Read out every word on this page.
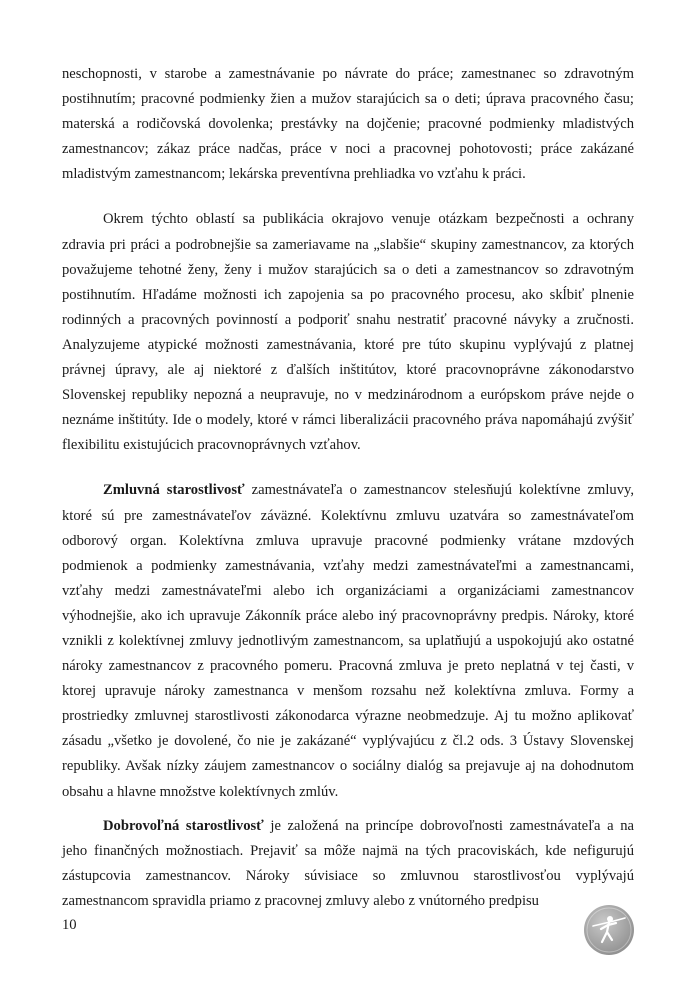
neschopnosti, v starobe a zamestnávanie po návrate do práce; zamestnanec so zdravotným postihnutím; pracovné podmienky žien a mužov starajúcich sa o deti; úprava pracovného času; materská a rodičovská dovolenka; prestávky na dojčenie; pracovné podmienky mladistvých zamestnancov; zákaz práce nadčas, práce v noci a pracovnej pohotovosti; práce zakázané mladistvým zamestnancom; lekárska preventívna prehliadka vo vzťahu k práci.

Okrem týchto oblastí sa publikácia okrajovo venuje otázkam bezpečnosti a ochrany zdravia pri práci a podrobnejšie sa zameriavame na „slabšie“ skupiny zamestnancov, za ktorých považujeme tehotné ženy, ženy i mužov starajúcich sa o deti a zamestnancov so zdravotným postihnutím. Hľadáme možnosti ich zapojenia sa po pracovného procesu, ako skĺbiť plnenie rodinných a pracovných povinností a podporiť snahu nestratiť pracovné návyky a zručnosti. Analyzujeme atypické možnosti zamestnávania, ktoré pre túto skupinu vyplývajú z platnej právnej úpravy, ale aj niektoré z ďalších inštitútov, ktoré pracovnoprávne zákonodarstvo Slovenskej republiky nepozná a neupravuje, no v medzinárodnom a európskom práve nejde o neznáme inštitúty. Ide o modely, ktoré v rámci liberalizácii pracovného práva napomáhajú zvýšiť flexibilitu existujúcich pracovnoprávnych vzťahov.

Zmluvná starostlivosť zamestnávateľa o zamestnancov stelesňujú kolektívne zmluvy, ktoré sú pre zamestnávateľov záväzné. Kolektívnu zmluvu uzatvára so zamestnávateľom odborový organ. Kolektívna zmluva upravuje pracovné podmienky vrátane mzdových podmienok a podmienky zamestnávania, vzťahy medzi zamestnávateľmi a zamestnancami, vzťahy medzi zamestnávateľmi alebo ich organizáciami a organizáciami zamestnancov výhodnejšie, ako ich upravuje Zákonník práce alebo iný pracovnoprávny predpis. Nároky, ktoré vznikli z kolektívnej zmluvy jednotlivým zamestnancom, sa uplatňujú a uspokojujú ako ostatné nároky zamestnancov z pracovného pomeru. Pracovná zmluva je preto neplatná v tej časti, v ktorej upravuje nároky zamestnanca v menšom rozsahu než kolektívna zmluva. Formy a prostriedky zmluvnej starostlivosti zákonodarca výrazne neobmedzuje. Aj tu možno aplikovať zásadu „všetko je dovolené, čo nie je zakázané“ vyplývajúcu z čl.2 ods. 3 Ústavy Slovenskej republiky. Avšak nízky záujem zamestnancov o sociálny dialóg sa prejavuje aj na dohodnutom obsahu a hlavne množstve kolektívnych zmlúv.

Dobrovoľná starostlivosť je založená na princípe dobrovoľnosti zamestnávateľa a na jeho finančných možnostiach. Prejaviť sa môže najmä na tých pracoviskách, kde nefigurujú zástupcovia zamestnancov. Nároky súvisiace so zmluvnou starostlivosťou vyplývajú zamestnancom spravidla priamo z pracovnej zmluvy alebo z vnútorného predpisu

10
